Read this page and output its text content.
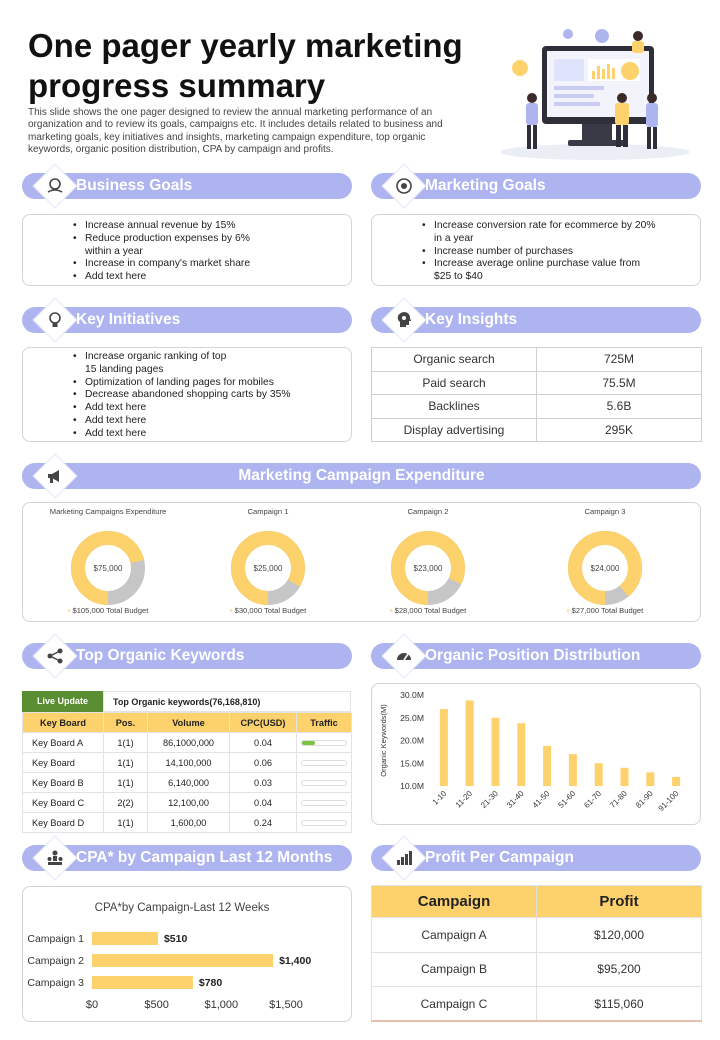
One pager yearly marketing progress summary

This slide shows the one pager designed to review the annual marketing performance of an organization and to review its goals, campaigns etc. It includes details related to business and marketing goals, key initiatives and insights, marketing campaign expenditure, top organic keywords, organic position distribution, CPA by campaign and profits.

Business Goals
• Increase annual revenue by 15%
• Reduce production expenses by 6%
within a year
• Increase in company's market share
• Add text here
Marketing Goals
• Increase conversion rate for ecommerce by 20%
in a year
• Increase number of purchases
• Increase average online purchase value from
$25 to $40
Key Initiatives
• Increase organic ranking of top
15 landing pages
• Optimization of landing pages for mobiles
• Decrease abandoned shopping carts by 35%
• Add text here
• Add text here
• Add text here
Key Insights
Organic search	725M
Paid search	75.5M
Backlines	5.6B
Display advertising	295K
Marketing Campaign Expenditure
Marketing Campaigns Expenditure
$75,000
▪ $105,000 Total Budget
Campaign 1
$25,000
▪ $30,000 Total Budget
Campaign 2
$23,000
▪ $28,000 Total Budget
Campaign 3
$24,000
▪ $27,000 Total Budget
Top Organic Keywords
Live Update	Top Organic keywords(76,168,810)
Key Board	Pos.	Volume	CPC(USD)	Traffic
Key Board A	1(1)	86,1000,000	0.04	

Key Board	1(1)	14,100,000	0.06	

Key Board B	1(1)	6,140,000	0.03	

Key Board C	2(2)	12,100,00	0.04	

Key Board D	1(1)	1,600,00	0.24	
Organic Position Distribution
10.0M
15.0M
20.0M
25.0M
30.0M
Organic Keywords(M)
1-10 11-20 21-30 31-40 41-50 51-60 61-70 71-80 81-90 91-100
CPA* by Campaign Last 12 Months
CPA*by Campaign-Last 12 Weeks
Campaign 1	$510
Campaign 2	$1,400
Campaign 3	$780
$0	$500	$1,000	$1,500
Profit Per Campaign
Campaign	Profit
Campaign A	$120,000
Campaign B	$95,200
Campaign C	$115,060
